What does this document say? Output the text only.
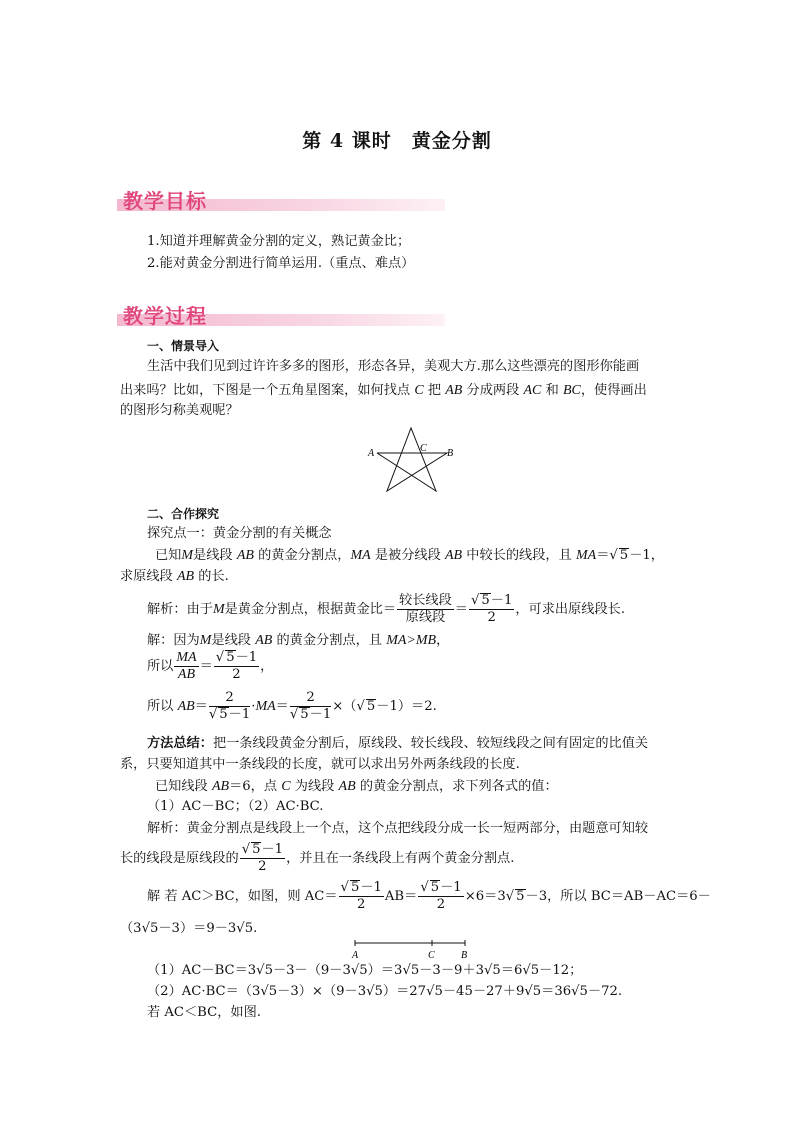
第 4 课时　黄金分割
教学目标
1.知道并理解黄金分割的定义，熟记黄金比；
2.能对黄金分割进行简单运用.（重点、难点）
教学过程
一、情景导入
生活中我们见到过许许多多的图形，形态各异，美观大方.那么这些漂亮的图形你能画
出来吗？比如，下图是一个五角星图案，如何找点 C 把 AB 分成两段 AC 和 BC，使得画出
的图形匀称美观呢？
A	B
C
二、合作探究
探究点一：黄金分割的有关概念
已知M是线段 AB 的黄金分割点，MA 是被分线段 AB 中较长的线段，且 MA＝√ 5－1，
求原线段 AB 的长.
解析：由于M是黄金分割点，根据黄金比＝ $\frac{\text{较长线段}}{\text{原线段}} = \frac{√ 5-1}{2}$ ，可求出原线段长.
解：因为M是线段 AB 的黄金分割点，且 MA>MB，
所以 $\frac{MA}{AB} = \frac{√ 5-1}{2}$ ，
所以 $AB= \frac{2}{√ 5-1} \cdot MA= \frac{2}{√ 5-1}$ ×（√ 5－1）＝2.
方法总结：把一条线段黄金分割后，原线段、较长线段、较短线段之间有固定的比值关
系，只要知道其中一条线段的长度，就可以求出另外两条线段的长度.
已知线段 AB＝6，点 C 为线段 AB 的黄金分割点，求下列各式的值：
（1）AC－BC；（2）AC·BC.
解析：黄金分割点是线段上一个点，这个点把线段分成一长一短两部分，由题意可知较
长的线段是原线段的 $\frac{√ 5-1}{2}$ ，并且在一条线段上有两个黄金分割点.
解 若 AC＞BC，如图，则 $AC= \frac{√ 5-1}{2} AB= \frac{√ 5-1}{2} \times 6=3√$ 5－3，所以 BC＝AB－AC＝6－
（3√5－3）＝9－3√5.
A	C	B
（1）AC－BC＝3√5－3－（9－3√5）＝3√5－3－9＋3√5＝6√5－12；
（2）AC·BC＝（3√5－3）×（9－3√5）＝27√5－45－27＋9√5＝36√5－72.
若 AC＜BC，如图.
